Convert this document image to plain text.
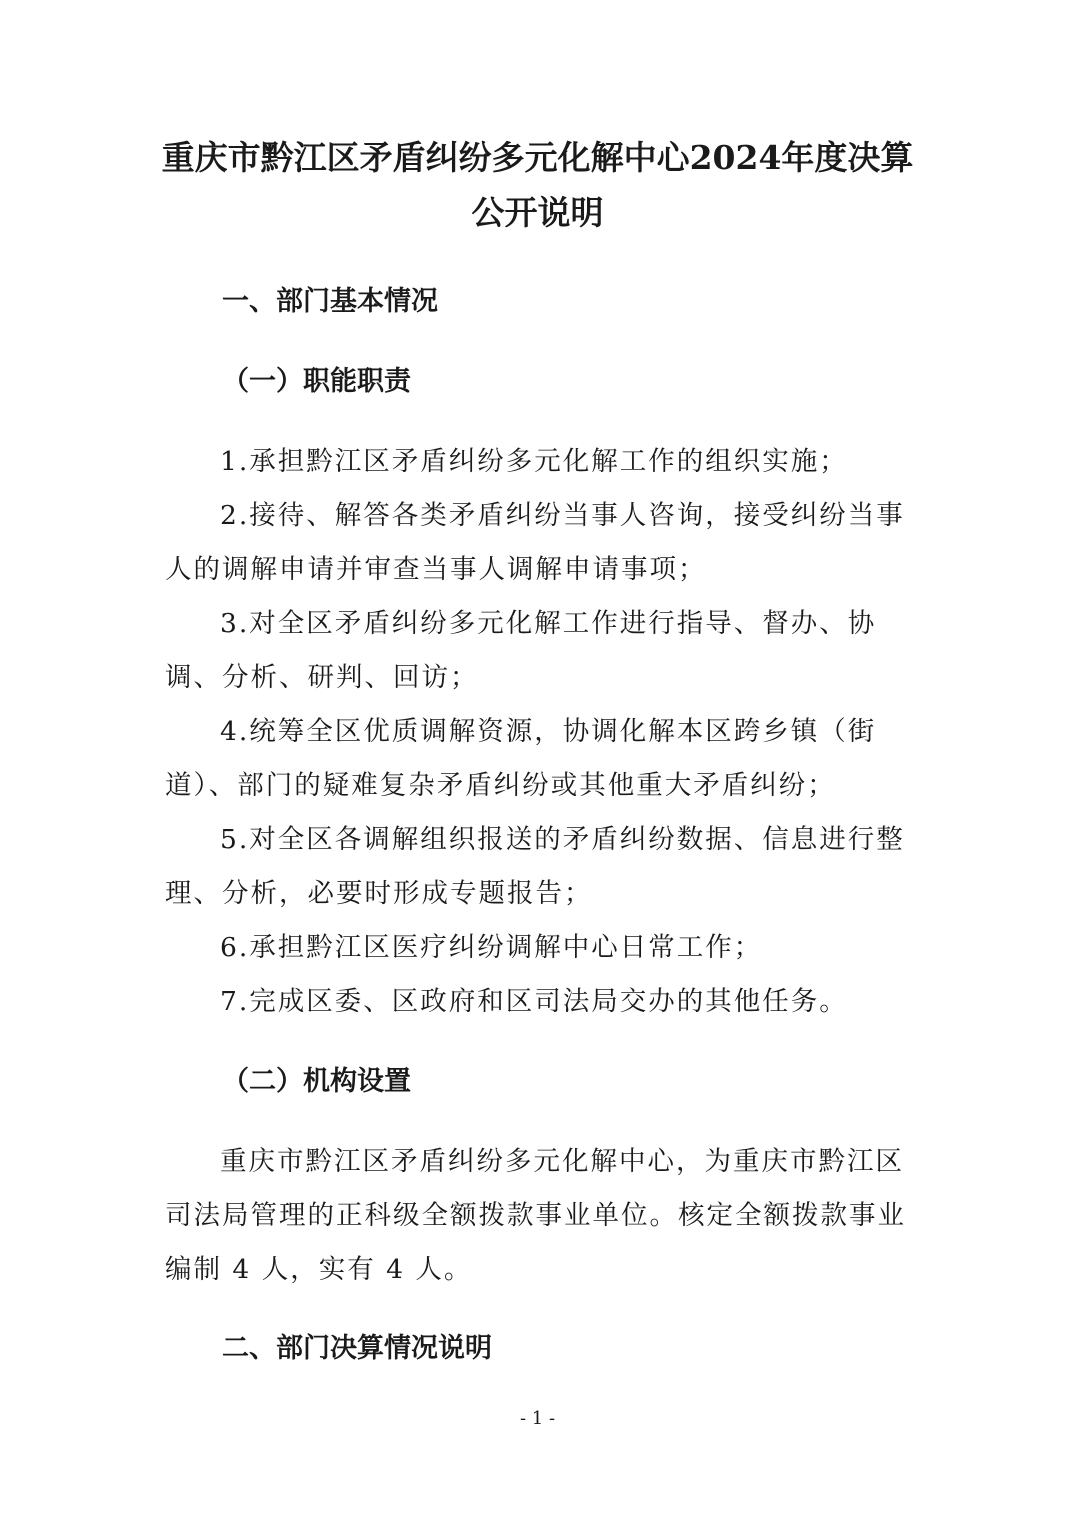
重庆市黔江区矛盾纠纷多元化解中心2024年度决算
公开说明
一、部门基本情况
（一）职能职责

1.承担黔江区矛盾纠纷多元化解工作的组织实施；

2.接待、解答各类矛盾纠纷当事人咨询，接受纠纷当事人的调解申请并审查当事人调解申请事项；

3.对全区矛盾纠纷多元化解工作进行指导、督办、协调、分析、研判、回访；

4.统筹全区优质调解资源，协调化解本区跨乡镇（街道）、部门的疑难复杂矛盾纠纷或其他重大矛盾纠纷；

5.对全区各调解组织报送的矛盾纠纷数据、信息进行整理、分析，必要时形成专题报告；

6.承担黔江区医疗纠纷调解中心日常工作；

7.完成区委、区政府和区司法局交办的其他任务。

（二）机构设置

重庆市黔江区矛盾纠纷多元化解中心，为重庆市黔江区司法局管理的正科级全额拨款事业单位。核定全额拨款事业编制 4 人，实有 4 人。

二、部门决算情况说明

- 1 -
